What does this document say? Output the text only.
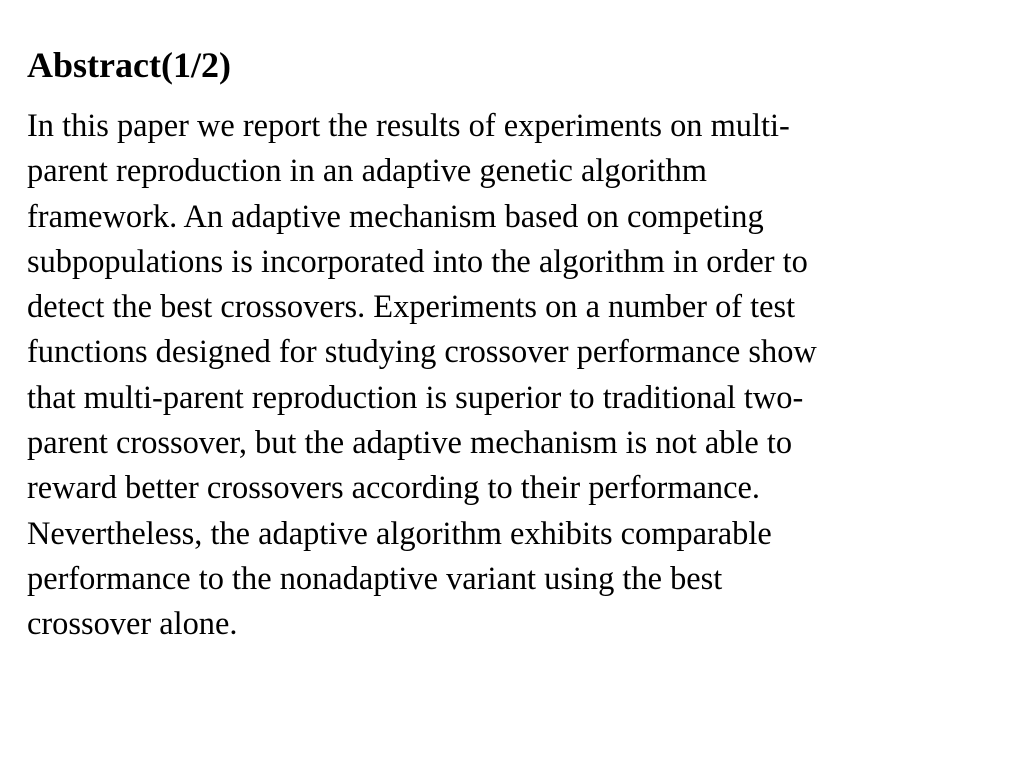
Abstract(1/2)
In this paper we report the results of experiments on multi-
parent reproduction in an adaptive genetic algorithm
framework. An adaptive mechanism based on competing
subpopulations is incorporated into the algorithm in order to
detect the best crossovers. Experiments on a number of test
functions designed for studying crossover performance show
that multi-parent reproduction is superior to traditional two-
parent crossover, but the adaptive mechanism is not able to
reward better crossovers according to their performance.
Nevertheless, the adaptive algorithm exhibits comparable
performance to the nonadaptive variant using the best
crossover alone.
